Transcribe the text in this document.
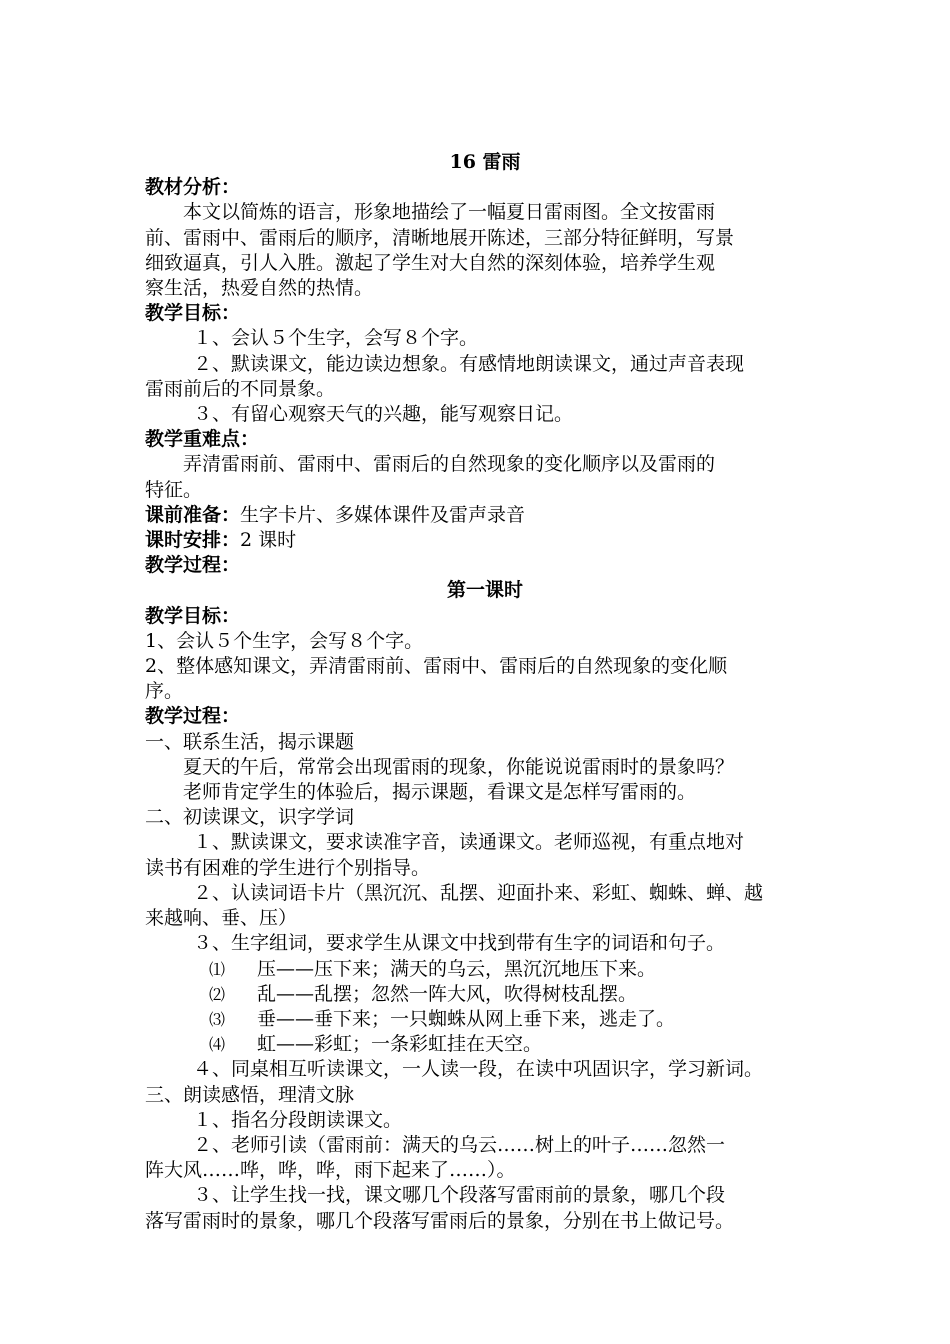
16 雷雨
教材分析：
本文以简炼的语言，形象地描绘了一幅夏日雷雨图。全文按雷雨
前、雷雨中、雷雨后的顺序，清晰地展开陈述，三部分特征鲜明，写景
细致逼真，引人入胜。激起了学生对大自然的深刻体验，培养学生观
察生活，热爱自然的热情。
教学目标：
１、会认５个生字，会写８个字。
２、默读课文，能边读边想象。有感情地朗读课文，通过声音表现
雷雨前后的不同景象。
３、有留心观察天气的兴趣，能写观察日记。
教学重难点：
弄清雷雨前、雷雨中、雷雨后的自然现象的变化顺序以及雷雨的
特征。
课前准备：生字卡片、多媒体课件及雷声录音
课时安排：2 课时
教学过程：
第一课时
教学目标：
1、会认５个生字，会写８个字。
2、整体感知课文，弄清雷雨前、雷雨中、雷雨后的自然现象的变化顺
序。
教学过程：
一、联系生活，揭示课题
夏天的午后，常常会出现雷雨的现象，你能说说雷雨时的景象吗？
老师肯定学生的体验后，揭示课题，看课文是怎样写雷雨的。
二、初读课文，识字学词
１、默读课文，要求读准字音，读通课文。老师巡视，有重点地对
读书有困难的学生进行个别指导。
２、认读词语卡片（黑沉沉、乱摆、迎面扑来、彩虹、蜘蛛、蝉、越
来越响、垂、压）
３、生字组词，要求学生从课文中找到带有生字的词语和句子。
⑴ 压——压下来；满天的乌云，黑沉沉地压下来。
⑵ 乱——乱摆；忽然一阵大风，吹得树枝乱摆。
⑶ 垂——垂下来；一只蜘蛛从网上垂下来，逃走了。
⑷ 虹——彩虹；一条彩虹挂在天空。
４、同桌相互听读课文，一人读一段，在读中巩固识字，学习新词。
三、朗读感悟，理清文脉
１、指名分段朗读课文。
２、老师引读（雷雨前：满天的乌云……树上的叶子……忽然一
阵大风……哗，哗，哗，雨下起来了……）。
３、让学生找一找，课文哪几个段落写雷雨前的景象，哪几个段
落写雷雨时的景象，哪几个段落写雷雨后的景象，分别在书上做记号。
